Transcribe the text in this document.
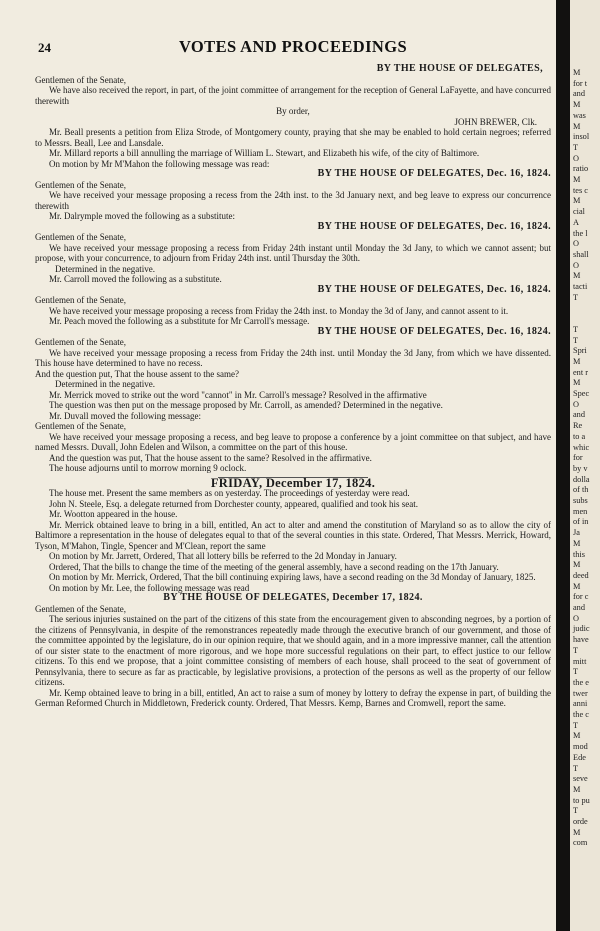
24	VOTES AND PROCEEDINGS

BY THE HOUSE OF DELEGATES,

Gentlemen of the Senate,

We have also received the report, in part, of the joint committee of arrangement for the reception of General LaFayette, and have concurred therewith

By order,

JOHN BREWER, Clk.

Mr. Beall presents a petition from Eliza Strode, of Montgomery county, praying that she may be enabled to hold certain negroes; referred to Messrs. Beall, Lee and Lansdale.

Mr. Millard reports a bill annulling the marriage of William L. Stewart, and Elizabeth his wife, of the city of Baltimore.

On motion by Mr M'Mahon the following message was read:

BY THE HOUSE OF DELEGATES, Dec. 16, 1824.

Gentlemen of the Senate,

We have received your message proposing a recess from the 24th inst. to the 3d January next, and beg leave to express our concurrence therewith

Mr. Dalrymple moved the following as a substitute:

BY THE HOUSE OF DELEGATES, Dec. 16, 1824.

Gentlemen of the Senate,

We have received your message proposing a recess from Friday 24th instant until Monday the 3d Jany, to which we cannot assent; but propose, with your concurrence, to adjourn from Friday 24th inst. until Thursday the 30th.

Determined in the negative.

Mr. Carroll moved the following as a substitute.

BY THE HOUSE OF DELEGATES, Dec. 16, 1824.

Gentlemen of the Senate,

We have received your message proposing a recess from Friday the 24th inst. to Monday the 3d of Jany, and cannot assent to it.

Mr. Peach moved the following as a substitute for Mr Carroll's message.

BY THE HOUSE OF DELEGATES, Dec. 16, 1824.

Gentlemen of the Senate,

We have received your message proposing a recess from Friday the 24th inst. until Monday the 3d Jany, from which we have dissented. This house have determined to have no recess.

And the question put, That the house assent to the same?

Determined in the negative.

Mr. Merrick moved to strike out the word "cannot" in Mr. Carroll's message? Resolved in the affirmative

The question was then put on the message proposed by Mr. Carroll, as amended? Determined in the negative.

Mr. Duvall moved the following message:

Gentlemen of the Senate,

We have received your message proposing a recess, and beg leave to propose a conference by a joint committee on that subject, and have named Messrs. Duvall, John Edelen and Wilson, a committee on the part of this house.

And the question was put, That the house assent to the same? Resolved in the affirmative.

The house adjourns until to morrow morning 9 oclock.

FRIDAY, December 17, 1824.

The house met. Present the same members as on yesterday. The proceedings of yesterday were read.

John N. Steele, Esq. a delegate returned from Dorchester county, appeared, qualified and took his seat.

Mr. Wootton appeared in the house.

Mr. Merrick obtained leave to bring in a bill, entitled, An act to alter and amend the constitution of Maryland so as to allow the city of Baltimore a representation in the house of delegates equal to that of the several counties in this state. Ordered, That Messrs. Merrick, Howard, Tyson, M'Mahon, Tingle, Spencer and M'Clean, report the same

On motion by Mr. Jarrett, Ordered, That all lottery bills be referred to the 2d Monday in January.

Ordered, That the bills to change the time of the meeting of the general assembly, have a second reading on the 17th January.

On motion by Mr. Merrick, Ordered, That the bill continuing expiring laws, have a second reading on the 3d Monday of January, 1825.

On motion by Mr. Lee, the following message was read

BY THE HOUSE OF DELEGATES, December 17, 1824.

Gentlemen of the Senate,

The serious injuries sustained on the part of the citizens of this state from the encouragement given to absconding negroes, by a portion of the citizens of Pennsylvania, in despite of the remonstrances repeatedly made through the executive branch of our government, and those of the committee appointed by the legislature, do in our opinion require, that we should again, and in a more impressive manner, call the attention of our sister state to the enactment of more rigorous, and we hope more successful regulations on their part, to effect justice to our fellow citizens. To this end we propose, that a joint committee consisting of members of each house, shall proceed to the seat of government of Pennsylvania, there to secure as far as practicable, by legislative provisions, a protection of the persons as well as the property of our fellow citizens.

Mr. Kemp obtained leave to bring in a bill, entitled, An act to raise a sum of money by lottery to defray the expense in part, of building the German Reformed Church in Middletown, Frederick county. Ordered, That Messrs. Kemp, Barnes and Cromwell, report the same.

M
for t
and
M
was
M
insol
T
O
ratio
M
tes c
M
cial
A
the l
O
shall
O
M
tacti
T
T
T
Spri
M
ent r
M
Spec
O
and
Re
to a
whic
for
by v
dolla
of th
subs
men
of in
Ja
M
this
M
deed
M
for c
and
O
judic
have
T
mitt
T
the e
twer
anni
the c
T
M
mod
Ede
T
seve
M
to pu
T
orde
M
com
